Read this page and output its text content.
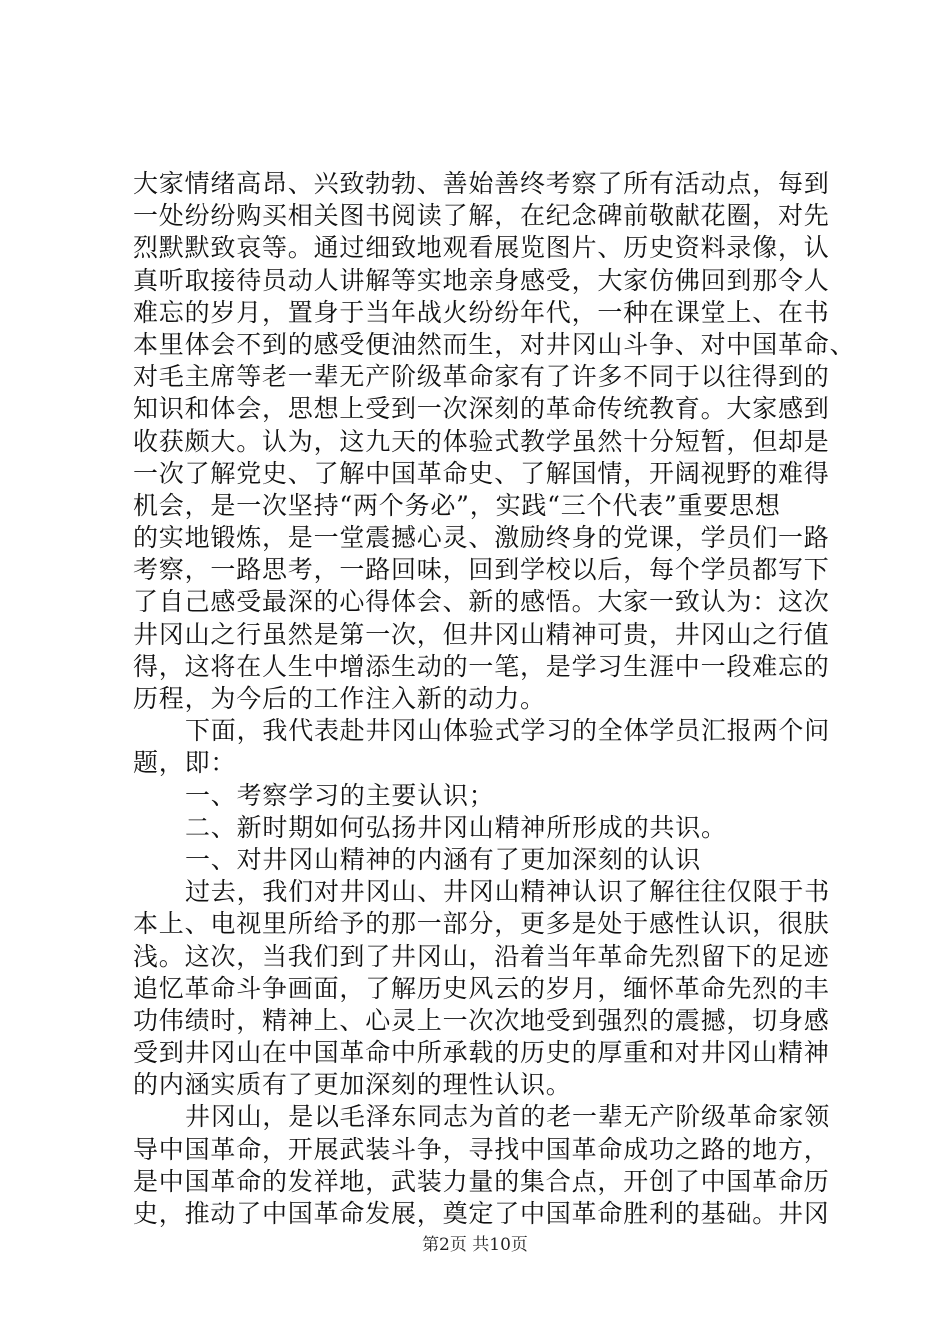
大家情绪高昂、兴致勃勃、善始善终考察了所有活动点，每到
一处纷纷购买相关图书阅读了解，在纪念碑前敬献花圈，对先
烈默默致哀等。通过细致地观看展览图片、历史资料录像，认
真听取接待员动人讲解等实地亲身感受，大家仿佛回到那令人
难忘的岁月，置身于当年战火纷纷年代，一种在课堂上、在书
本里体会不到的感受便油然而生，对井冈山斗争、对中国革命、
对毛主席等老一辈无产阶级革命家有了许多不同于以往得到的
知识和体会，思想上受到一次深刻的革命传统教育。大家感到
收获颇大。认为，这九天的体验式教学虽然十分短暂，但却是
一次了解党史、了解中国革命史、了解国情，开阔视野的难得
机会，是一次坚持“两个务必”，实践“三个代表”重要思想
的实地锻炼，是一堂震撼心灵、激励终身的党课，学员们一路
考察，一路思考，一路回味，回到学校以后，每个学员都写下
了自己感受最深的心得体会、新的感悟。大家一致认为：这次
井冈山之行虽然是第一次，但井冈山精神可贵，井冈山之行值
得，这将在人生中增添生动的一笔，是学习生涯中一段难忘的
历程，为今后的工作注入新的动力。
下面，我代表赴井冈山体验式学习的全体学员汇报两个问
题，即：
一、考察学习的主要认识；
二、新时期如何弘扬井冈山精神所形成的共识。
一、对井冈山精神的内涵有了更加深刻的认识
过去，我们对井冈山、井冈山精神认识了解往往仅限于书
本上、电视里所给予的那一部分，更多是处于感性认识，很肤
浅。这次，当我们到了井冈山，沿着当年革命先烈留下的足迹
追忆革命斗争画面，了解历史风云的岁月，缅怀革命先烈的丰
功伟绩时，精神上、心灵上一次次地受到强烈的震撼，切身感
受到井冈山在中国革命中所承载的历史的厚重和对井冈山精神
的内涵实质有了更加深刻的理性认识。
井冈山，是以毛泽东同志为首的老一辈无产阶级革命家领
导中国革命，开展武装斗争，寻找中国革命成功之路的地方，
是中国革命的发祥地，武装力量的集合点，开创了中国革命历
史，推动了中国革命发展，奠定了中国革命胜利的基础。井冈
第2页 共10页
